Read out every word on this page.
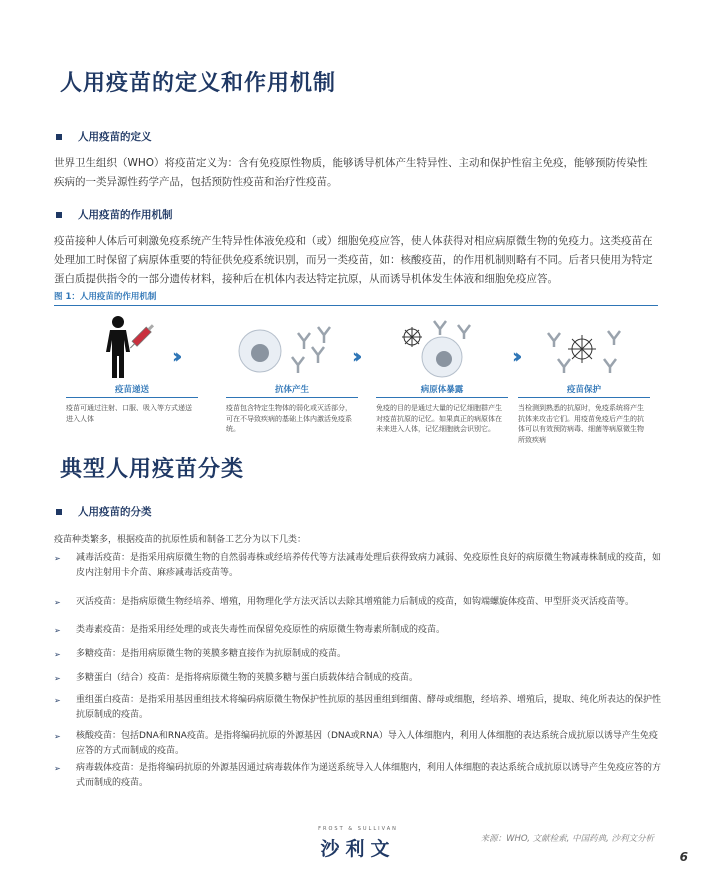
人用疫苗的定义和作用机制
人用疫苗的定义
世界卫生组织（WHO）将疫苗定义为：含有免疫原性物质，能够诱导机体产生特异性、主动和保护性宿主免疫，能够预防传染性疾病的一类异源性药学产品，包括预防性疫苗和治疗性疫苗。
人用疫苗的作用机制
疫苗接种人体后可刺激免疫系统产生特异性体液免疫和（或）细胞免疫应答，使人体获得对相应病原微生物的免疫力。这类疫苗在处理加工时保留了病原体重要的特征供免疫系统识别，而另一类疫苗，如：核酸疫苗，的作用机制则略有不同。后者只使用为特定蛋白质提供指令的一部分遗传材料，接种后在机体内表达特定抗原，从而诱导机体发生体液和细胞免疫应答。
图 1：人用疫苗的作用机制
疫苗递送
疫苗可通过注射、口服、吸入等方式递送进入人体
››
抗体产生
疫苗包含特定生物体的弱化或灭活部分，可在不导致疾病的基础上体内激活免疫系统。
››
病原体暴露
免疫的目的是通过大量的记忆细胞群产生对疫苗抗原的记忆。如果真正的病原体在未来进入人体，记忆细胞就会识别它。
››
疫苗保护
当检测到熟悉的抗原时，免疫系统将产生抗体来攻击它们。用疫苗免疫后产生的抗体可以有效预防病毒、细菌等病原微生物所致疾病
典型人用疫苗分类
人用疫苗的分类
疫苗种类繁多，根据疫苗的抗原性质和制备工艺分为以下几类：
➢	减毒活疫苗：是指采用病原微生物的自然弱毒株或经培养传代等方法减毒处理后获得致病力减弱、免疫原性良好的病原微生物减毒株制成的疫苗，如皮内注射用卡介苗、麻疹减毒活疫苗等。
➢	灭活疫苗：是指病原微生物经培养、增殖，用物理化学方法灭活以去除其增殖能力后制成的疫苗，如钩端螺旋体疫苗、甲型肝炎灭活疫苗等。
➢	类毒素疫苗：是指采用经处理的或丧失毒性而保留免疫原性的病原微生物毒素所制成的疫苗。
➢	多糖疫苗：是指用病原微生物的荚膜多糖直接作为抗原制成的疫苗。
➢	多糖蛋白（结合）疫苗：是指将病原微生物的荚膜多糖与蛋白质载体结合制成的疫苗。
➢	重组蛋白疫苗：是指采用基因重组技术将编码病原微生物保护性抗原的基因重组到细菌、酵母或细胞，经培养、增殖后，提取、纯化所表达的保护性抗原制成的疫苗。
➢	核酸疫苗：包括DNA和RNA疫苗。是指将编码抗原的外源基因（DNA或RNA）导入人体细胞内，利用人体细胞的表达系统合成抗原以诱导产生免疫应答的方式而制成的疫苗。
➢	病毒载体疫苗：是指将编码抗原的外源基因通过病毒载体作为递送系统导入人体细胞内，利用人体细胞的表达系统合成抗原以诱导产生免疫应答的方式而制成的疫苗。
FROST & SULLIVAN
沙利文	来源：WHO, 文献检索, 中国药典, 沙利文分析
6
